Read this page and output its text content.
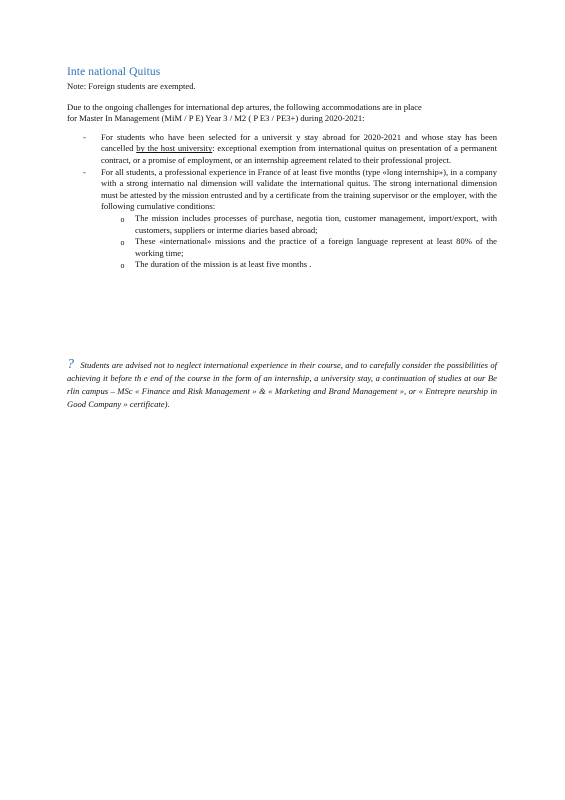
Inte national Quitus

Note: Foreign students are exempted.

Due to the ongoing challenges for international dep artures, the following accommodations are in place

for Master In Management (MiM / P E) Year 3 / M2 ( P E3 / PE3+) during 2020-2021:

- For students who have been selected for a universit y stay abroad for 2020-2021 and whose stay has been cancelled by the host university: exceptional exemption from international quitus on presentation of a permanent contract, or a promise of employment, or an internship agreement related to their professional project.
- For all students, a professional experience in France of at least five months (type «long internship»), in a company with a strong internatio nal dimension will validate the international quitus. The strong international dimension must be attested by the mission entrusted and by a certificate from the training supervisor or the employer, with the following cumulative conditions:
o The mission includes processes of purchase, negotia tion, customer management, import/export, with customers, suppliers or interme diaries based abroad;
o These «international» missions and the practice of a foreign language represent at least 80% of the working time;
o The duration of the mission is at least five months .
? Students are advised not to neglect international experience in their course, and to carefully consider the possibilities of achieving it before th e end of the course in the form of an internship, a university stay, a continuation of studies at our Be rlin campus – MSc « Finance and Risk Management » & « Marketing and Brand Management », or « Entrepre neurship in Good Company » certificate).
